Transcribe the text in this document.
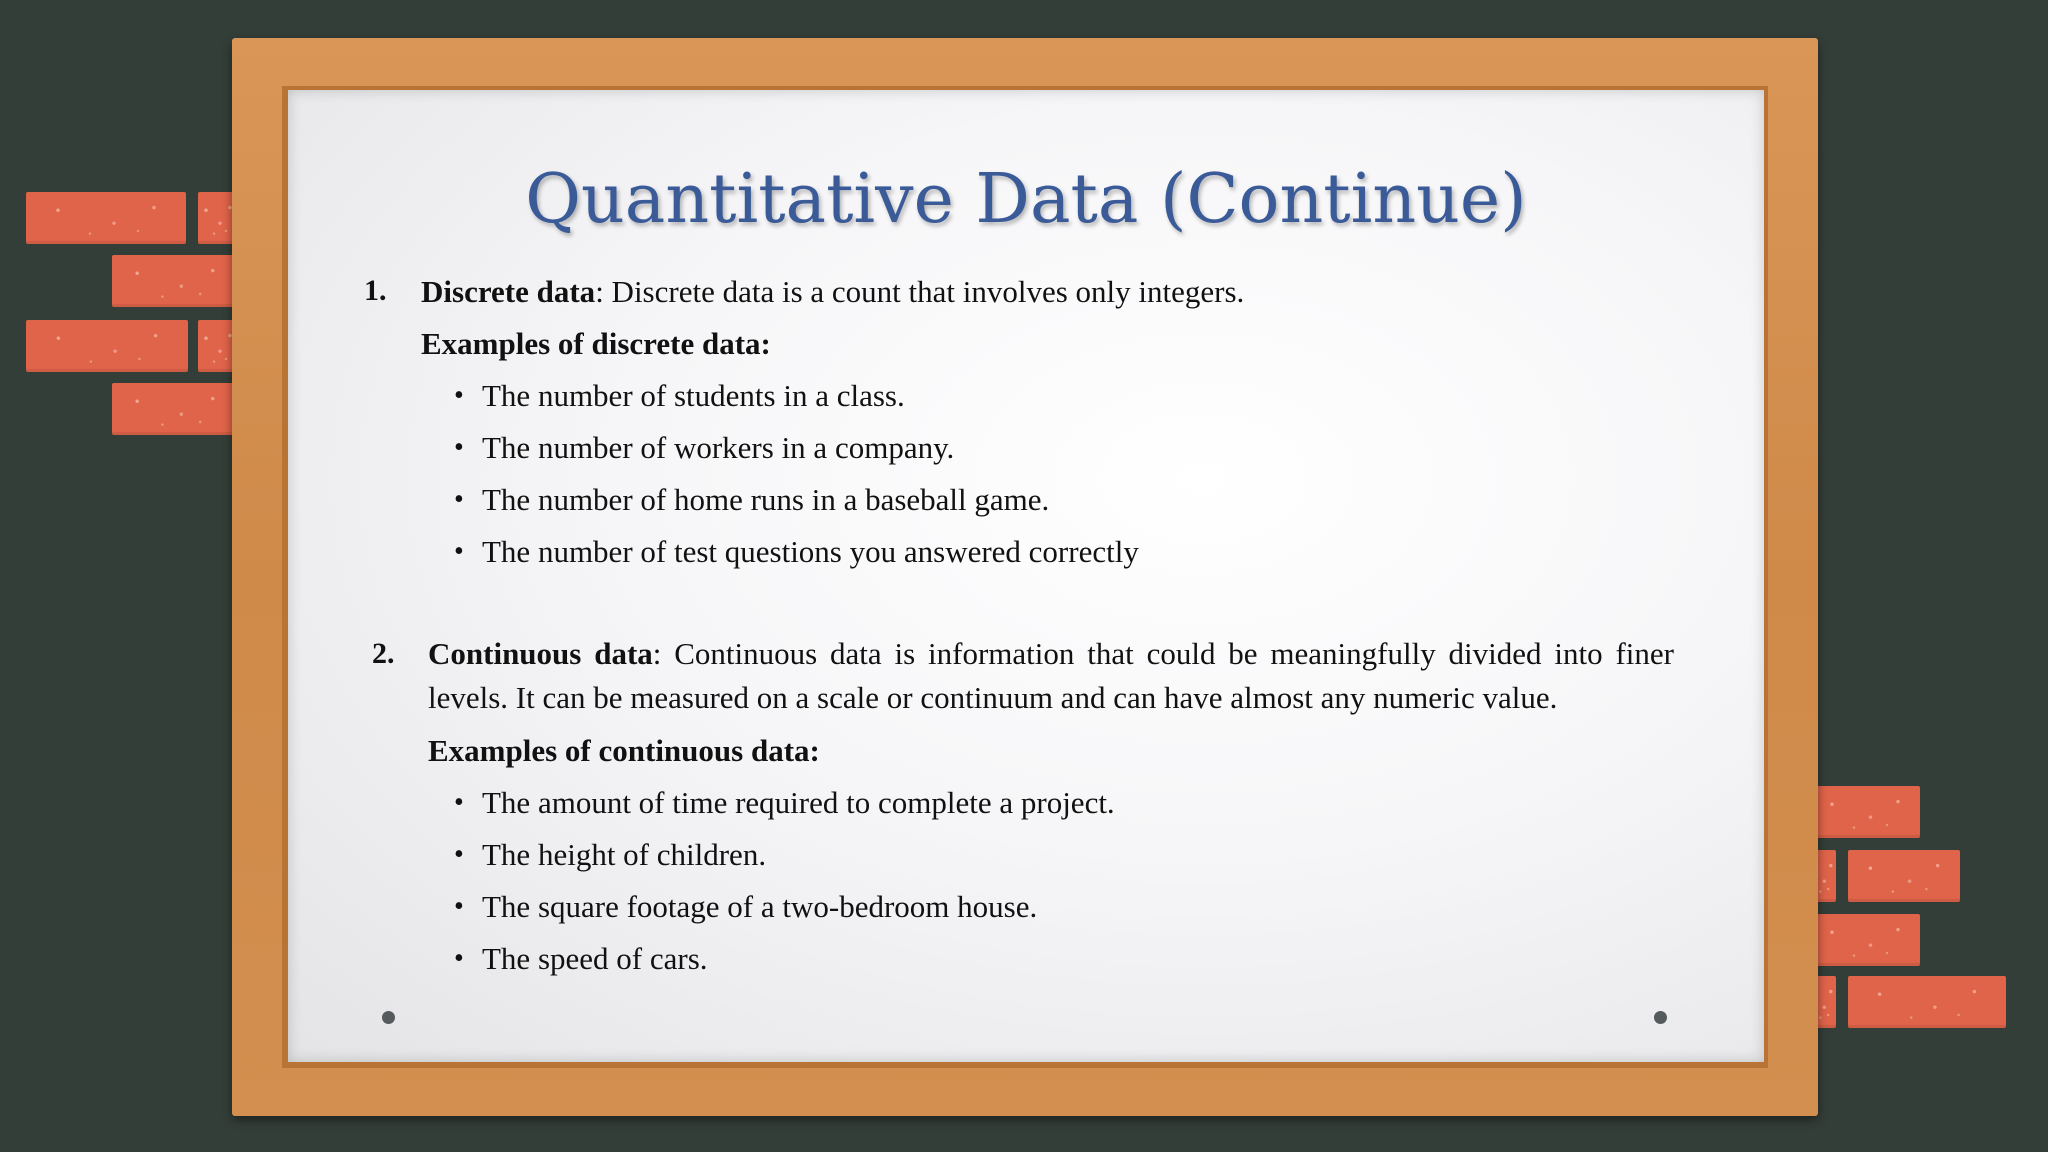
Quantitative Data (Continue)
1. Discrete data: Discrete data is a count that involves only integers.
Examples of discrete data:
• The number of students in a class.
• The number of workers in a company.
• The number of home runs in a baseball game.
• The number of test questions you answered correctly
2. Continuous data: Continuous data is information that could be meaningfully divided into finer levels. It can be measured on a scale or continuum and can have almost any numeric value.
Examples of continuous data:
• The amount of time required to complete a project.
• The height of children.
• The square footage of a two-bedroom house.
• The speed of cars.
